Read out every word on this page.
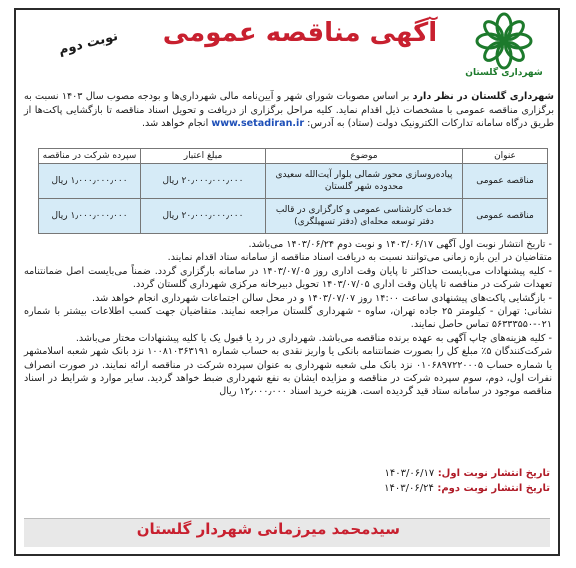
شهرداری گلستان
آگهی مناقصه عمومی
نوبت دوم
شهرداری گلستان در نظر دارد بر اساس مصوبات شورای شهر و آیین‌نامه مالی شهرداری‌ها و بودجه مصوب سال ۱۴۰۳ نسبت به برگزاری مناقصه عمومی با مشخصات ذیل اقدام نماید. کلیه مراحل برگزاری از دریافت و تحویل اسناد مناقصه تا بازگشایی پاکت‌ها از طریق درگاه سامانه تدارکات الکترونیک دولت (ستاد) به آدرس: www.setadiran.ir انجام خواهد شد.
عنوان	موضوع	مبلغ اعتبار	سپرده شرکت در مناقصه
مناقصه عمومی	پیاده‌روسازی محور شمالی بلوار آیت‌الله سعیدی محدوده شهر گلستان	۲۰٫۰۰۰٫۰۰۰٫۰۰۰ ریال	۱٫۰۰۰٫۰۰۰٫۰۰۰ ریال
مناقصه عمومی	خدمات کارشناسی عمومی و کارگزاری در قالب دفتر توسعه محله‌ای (دفتر تسهیلگری)	۲۰٫۰۰۰٫۰۰۰٫۰۰۰ ریال	۱٫۰۰۰٫۰۰۰٫۰۰۰ ریال

- تاریخ انتشار نوبت اول آگهی ۱۴۰۳/۰۶/۱۷ و نوبت دوم ۱۴۰۳/۰۶/۲۴ می‌باشد.

متقاضیان در این بازه زمانی می‌توانند نسبت به دریافت اسناد مناقصه از سامانه ستاد اقدام نمایند.

- کلیه پیشنهادات می‌بایست حداکثر تا پایان وقت اداری روز ۱۴۰۳/۰۷/۰۵ در سامانه بارگزاری گردد. ضمناً می‌بایست اصل ضمانتنامه تعهدات شرکت در مناقصه تا پایان وقت اداری ۱۴۰۳/۰۷/۰۵ تحویل دبیرخانه مرکزی شهرداری گلستان گردد.

- بازگشایی پاکت‌های پیشنهادی ساعت ۱۴:۰۰ روز ۱۴۰۳/۰۷/۰۷ و در محل سالن اجتماعات شهرداری انجام خواهد شد.

نشانی: تهران - کیلومتر ۲۵ جاده تهران، ساوه - شهرداری گلستان مراجعه نمایند. متقاضیان جهت کسب اطلاعات بیشتر با شماره ۰۲۱-۵۶۳۳۳۵۵۰ تماس حاصل نمایند.

- کلیه هزینه‌های چاپ آگهی به عهده برنده مناقصه می‌باشد. شهرداری در رد یا قبول یک یا کلیه پیشنهادات مختار می‌باشد.

شرکت‌کنندگان ۵٪ مبلغ کل را بصورت ضمانتنامه بانکی یا واریز نقدی به حساب شماره ۱۰۰۸۱۰۳۶۳۱۹۱ نزد بانک شهر شعبه اسلامشهر یا شماره حساب ۰۱۰۶۸۹۷۲۲۰۰۰۵ نزد بانک ملی شعبه شهرداری به عنوان سپرده شرکت در مناقصه ارائه نمایند. در صورت انصراف نفرات اول، دوم، سوم سپرده شرکت در مناقصه و مزایده ایشان به نفع شهرداری ضبط خواهد گردید. سایر موارد و شرایط در اسناد مناقصه موجود در سامانه ستاد قید گردیده است. هزینه خرید اسناد ۱۲٫۰۰۰٫۰۰۰ ریال

تاریخ انتشار نوبت اول: ۱۴۰۳/۰۶/۱۷
تاریخ انتشار نوبت دوم: ۱۴۰۳/۰۶/۲۴
سیدمحمد میرزمانی شهردار گلستان
